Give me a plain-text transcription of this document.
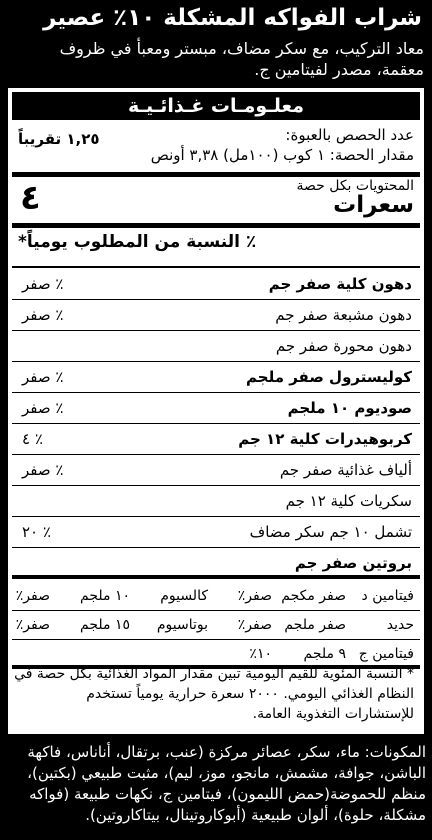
شراب الفواكه المشكلة ١٠٪ عصير
معاد التركيب، مع سكر مضاف، مبستر ومعبأ في ظروف معقمة، مصدر لفيتامين ج.
معلـومـات غـذائـيـة
عدد الحصص بالعبوة:
١,٢٥ تقريباً
مقدار الحصة: ١ كوب (١٠٠مل) ٣,٣٨ أونص
المحتويات بكل حصة
سعرات
٤
٪ النسبة من المطلوب يومياً*
دهون كلية صفر جم
صفر ٪
دهون مشبعة صفر جم
صفر ٪
دهون محورة صفر جم
كوليسترول صفر ملجم
صفر ٪
صوديوم ١٠ ملجم
صفر ٪
كربوهيدرات كلية ١٢ جم
٤ ٪
ألياف غذائية صفر جم
صفر ٪
سكريات كلية ١٢ جم
تشمل ١٠ جم سكر مضاف
٢٠ ٪
بروتين صفر جم
فيتامين د
صفر مكجم
صفر٪
كالسيوم
١٠ ملجم
صفر٪
حديد
صفر ملجم
صفر٪
بوتاسيوم
١٥ ملجم
صفر٪
فيتامين ج
٩ ملجم
١٠٪
* النسبة المئوية للقيم اليومية تبين مقدار المواد الغذائية بكل حصة في النظام الغذائي اليومي. ٢٠٠٠ سعرة حرارية يومياً تستخدم للإستشارات التغذوية العامة.
المكونات: ماء، سكر، عصائر مركزة (عنب، برتقال، أناناس، فاكهة الباشن، جوافة، مشمش، مانجو، موز، ليم)، مثبت طبيعي (بكتين)، منظم للحموضة(حمض الليمون)، فيتامين ج، نكهات طبيعة (فواكه مشكلة، حلوة)، ألوان طبيعية (أبوكاروتينال، بيتاكاروتين).
